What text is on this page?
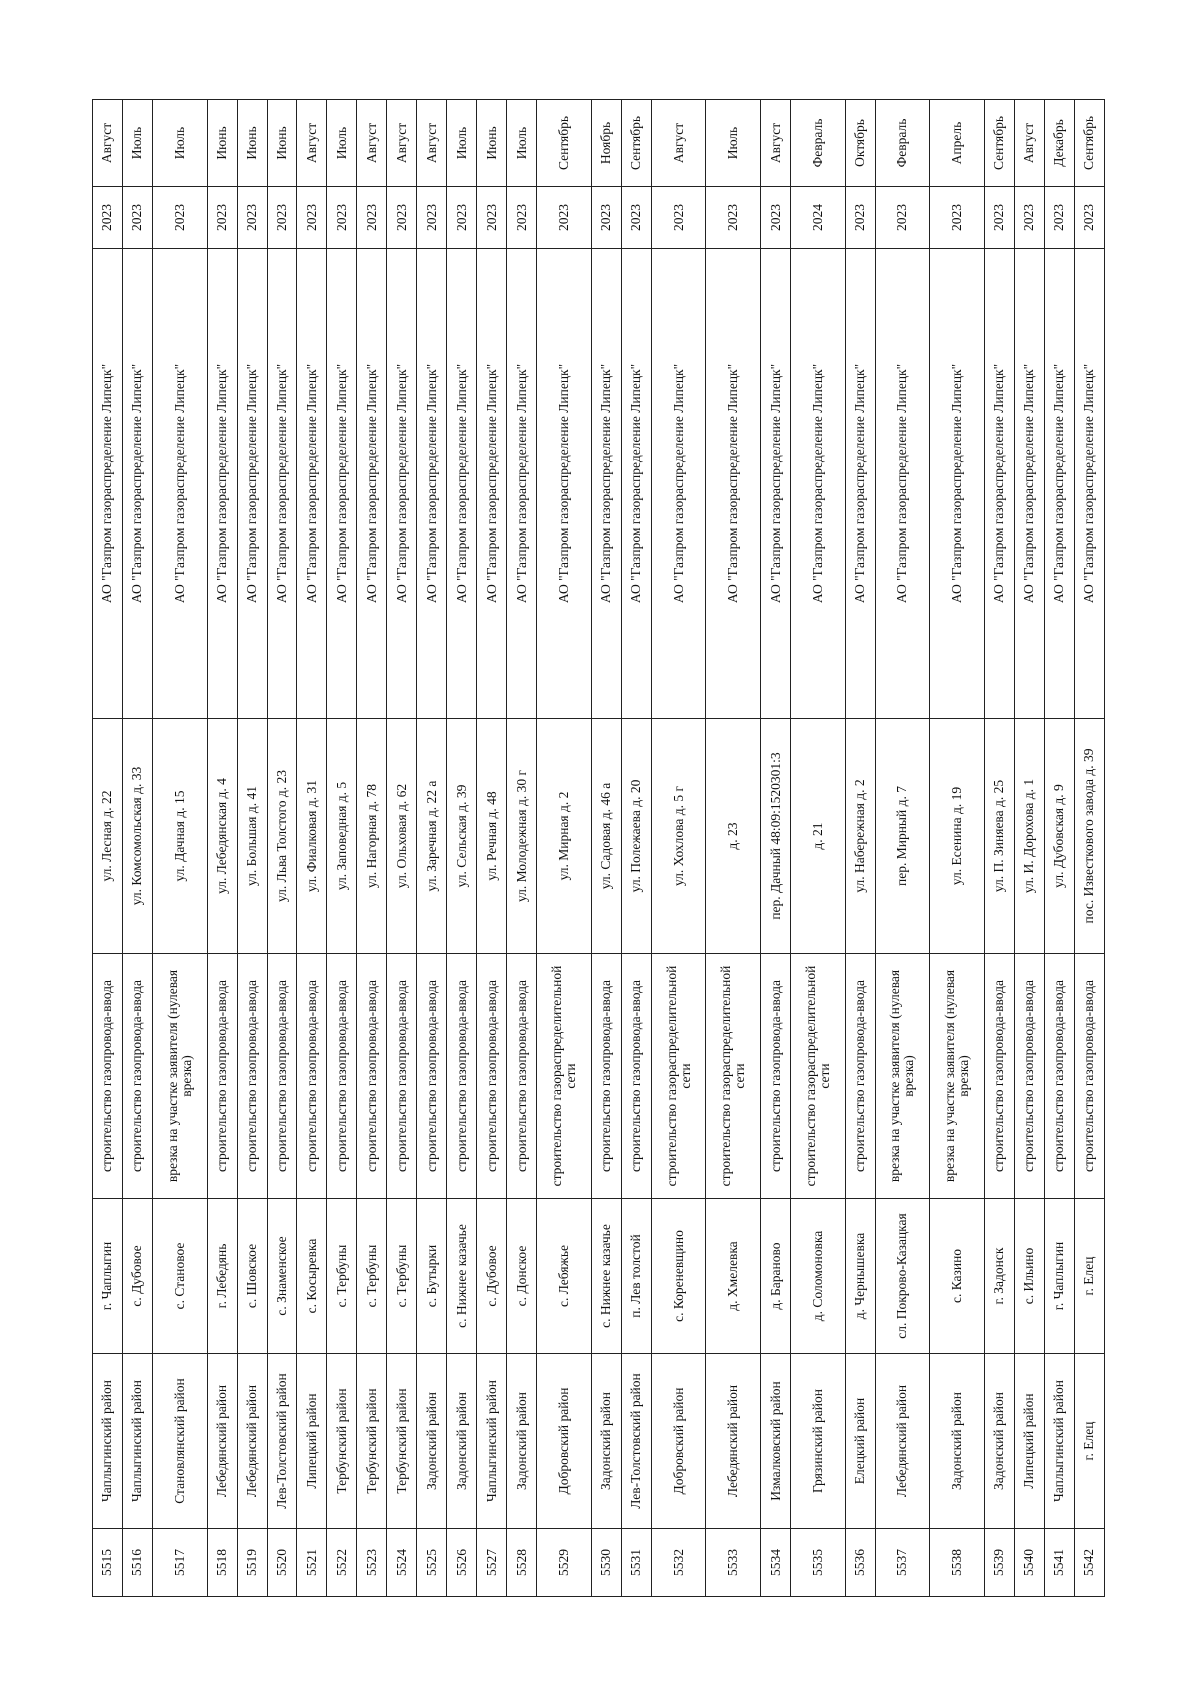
5515	Чаплыгинский район	г. Чаплыгин	строительство газопровода-ввода	ул. Лесная д. 22	АО "Газпром газораспределение Липецк"	2023	Август
5516	Чаплыгинский район	с. Дубовое	строительство газопровода-ввода	ул. Комсомольская д. 33	АО "Газпром газораспределение Липецк"	2023	Июль
5517	Становлянский район	с. Становое	врезка на участке заявителя (нулевая врезка)	ул. Дачная д. 15	АО "Газпром газораспределение Липецк"	2023	Июль
5518	Лебедянский район	г. Лебедянь	строительство газопровода-ввода	ул. Лебедянская д. 4	АО "Газпром газораспределение Липецк"	2023	Июнь
5519	Лебедянский район	с. Шовское	строительство газопровода-ввода	ул. Большая д. 41	АО "Газпром газораспределение Липецк"	2023	Июнь
5520	Лев-Толстовский район	с. Знаменское	строительство газопровода-ввода	ул. Льва Толстого д. 23	АО "Газпром газораспределение Липецк"	2023	Июнь
5521	Липецкий район	с. Косыревка	строительство газопровода-ввода	ул. Фиалковая д. 31	АО "Газпром газораспределение Липецк"	2023	Август
5522	Тербунский район	с. Тербуны	строительство газопровода-ввода	ул. Заповедная д. 5	АО "Газпром газораспределение Липецк"	2023	Июль
5523	Тербунский район	с. Тербуны	строительство газопровода-ввода	ул. Нагорная д. 78	АО "Газпром газораспределение Липецк"	2023	Август
5524	Тербунский район	с. Тербуны	строительство газопровода-ввода	ул. Ольховая д. 62	АО "Газпром газораспределение Липецк"	2023	Август
5525	Задонский район	с. Бутырки	строительство газопровода-ввода	ул. Заречная д. 22 а	АО "Газпром газораспределение Липецк"	2023	Август
5526	Задонский район	с. Нижнее казачье	строительство газопровода-ввода	ул. Сельская д. 39	АО "Газпром газораспределение Липецк"	2023	Июль
5527	Чаплыгинский район	с. Дубовое	строительство газопровода-ввода	ул. Речная д. 48	АО "Газпром газораспределение Липецк"	2023	Июнь
5528	Задонский район	с. Донское	строительство газопровода-ввода	ул. Молодежная д. 30 г	АО "Газпром газораспределение Липецк"	2023	Июль
5529	Добровский район	с. Лебяжье	строительство газораспределительной сети	ул. Мирная д. 2	АО "Газпром газораспределение Липецк"	2023	Сентябрь
5530	Задонский район	с. Нижнее казачье	строительство газопровода-ввода	ул. Садовая д. 46 а	АО "Газпром газораспределение Липецк"	2023	Ноябрь
5531	Лев-Толстовский район	п. Лев толстой	строительство газопровода-ввода	ул. Полежаева д. 20	АО "Газпром газораспределение Липецк"	2023	Сентябрь
5532	Добровский район	с. Кореневщино	строительство газораспределительной сети	ул. Хохлова д. 5 г	АО "Газпром газораспределение Липецк"	2023	Август
5533	Лебедянский район	д. Хмелевка	строительство газораспределительной сети	д. 23	АО "Газпром газораспределение Липецк"	2023	Июль
5534	Измалковский район	д. Бараново	строительство газопровода-ввода	пер. Дачный 48:09:1520301:3	АО "Газпром газораспределение Липецк"	2023	Август
5535	Грязинский район	д. Соломоновка	строительство газораспределительной сети	д. 21	АО "Газпром газораспределение Липецк"	2024	Февраль
5536	Елецкий район	д. Чернышевка	строительство газопровода-ввода	ул. Набережная д. 2	АО "Газпром газораспределение Липецк"	2023	Октябрь
5537	Лебедянский район	сл. Покрово-Казацкая	врезка на участке заявителя (нулевая врезка)	пер. Мирный д. 7	АО "Газпром газораспределение Липецк"	2023	Февраль
5538	Задонский район	с. Казино	врезка на участке заявителя (нулевая врезка)	ул. Есенина д. 19	АО "Газпром газораспределение Липецк"	2023	Апрель
5539	Задонский район	г. Задонск	строительство газопровода-ввода	ул. П. Зиняева д. 25	АО "Газпром газораспределение Липецк"	2023	Сентябрь
5540	Липецкий район	с. Ильино	строительство газопровода-ввода	ул. И. Дорохова д. 1	АО "Газпром газораспределение Липецк"	2023	Август
5541	Чаплыгинский район	г. Чаплыгин	строительство газопровода-ввода	ул. Дубовская д. 9	АО "Газпром газораспределение Липецк"	2023	Декабрь
5542	г. Елец	г. Елец	строительство газопровода-ввода	пос. Известкового завода д. 39	АО "Газпром газораспределение Липецк"	2023	Сентябрь
